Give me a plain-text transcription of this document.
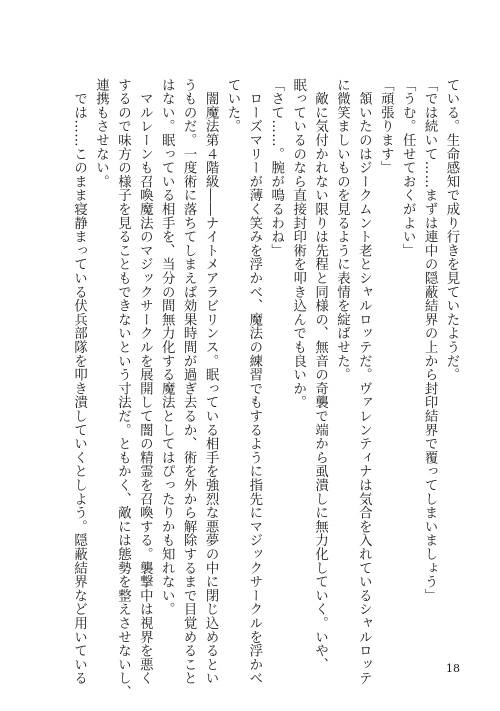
ている。生命感知で成り行きを見ていたようだ。
「では続いて……まずは連中の隠蔽結界の上から封印結界で覆ってしまいましょう」
「うむ。任せておくがよい」
「頑張ります」
　頷いたのはジークムント老とシャルロッテだ。ヴァレンティナは気合を入れているシャルロッテ
に微笑ましいものを見るように表情を綻ばせた。
　敵に気付かれない限りは先程と同様の、無音の奇襲で端から虱潰しに無力化していく。いや、
眠っているのなら直接封印術を叩き込んでも良いか。
「さて……。腕が鳴るわね」
　ローズマリーが薄く笑みを浮かべ、魔法の練習でもするように指先にマジックサークルを浮かべ
ていた。
　闇魔法第４階級――ナイトメアラビリンス。眠っている相手を強烈な悪夢の中に閉じ込めるとい
うものだ。一度術に落ちてしまえば効果時間が過ぎ去るか、術を外から解除するまで目覚めること
はない。眠っている相手を、当分の間無力化する魔法としてはぴったりかも知れない。
　マルレーンも召喚魔法のマジックサークルを展開して闇の精霊を召喚する。襲撃中は視界を悪く
するので味方の様子を見ることもできないという寸法だ。ともかく、敵には態勢を整えさせないし、
連携もさせない。
　では……このまま寝静まっている伏兵部隊を叩き潰していくとしよう。隠蔽結界など用いている	18
